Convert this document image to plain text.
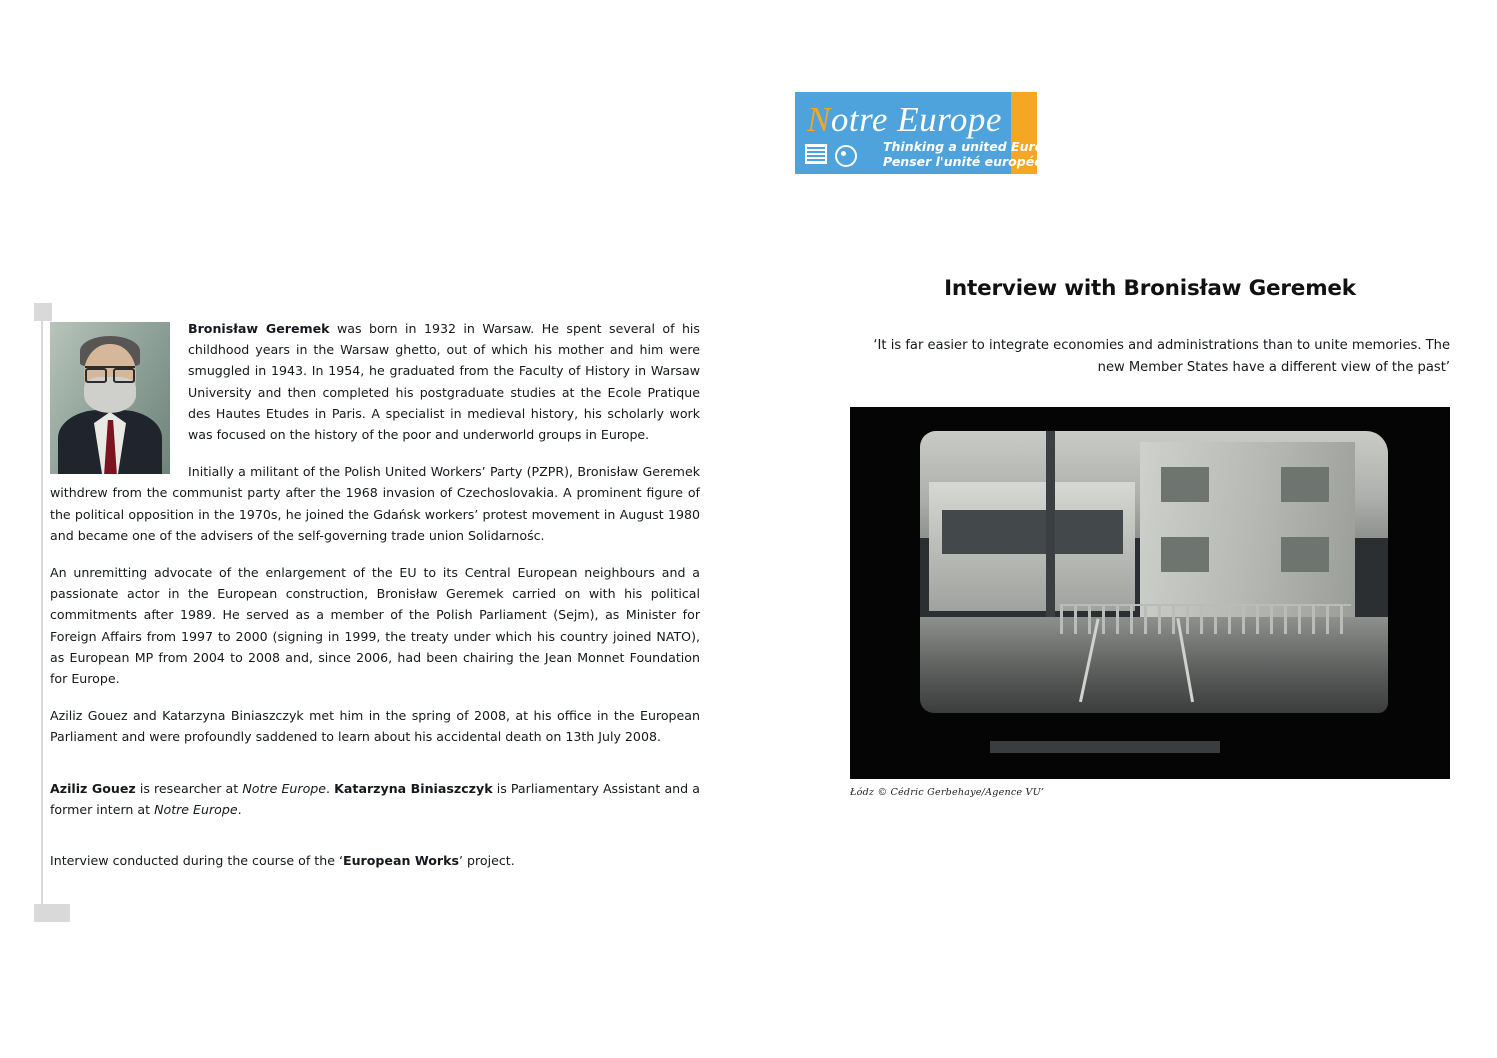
Notre Europe
Thinking a united Europe
Penser l'unité européenne

Bronisław Geremek was born in 1932 in Warsaw. He spent several of his childhood years in the Warsaw ghetto, out of which his mother and him were smuggled in 1943. In 1954, he graduated from the Faculty of History in Warsaw University and then completed his postgraduate studies at the Ecole Pratique des Hautes Etudes in Paris. A specialist in medieval history, his scholarly work was focused on the history of the poor and underworld groups in Europe.

Initially a militant of the Polish United Workers’ Party (PZPR), Bronisław Geremek withdrew from the communist party after the 1968 invasion of Czechoslovakia. A prominent figure of the political opposition in the 1970s, he joined the Gdańsk workers’ protest movement in August 1980 and became one of the advisers of the self-governing trade union Solidarnośc.

An unremitting advocate of the enlargement of the EU to its Central European neighbours and a passionate actor in the European construction, Bronisław Geremek carried on with his political commitments after 1989. He served as a member of the Polish Parliament (Sejm), as Minister for Foreign Affairs from 1997 to 2000 (signing in 1999, the treaty under which his country joined NATO), as European MP from 2004 to 2008 and, since 2006, had been chairing the Jean Monnet Foundation for Europe.

Aziliz Gouez and Katarzyna Biniaszczyk met him in the spring of 2008, at his office in the European Parliament and were profoundly saddened to learn about his accidental death on 13th July 2008.

Aziliz Gouez is researcher at Notre Europe. Katarzyna Biniaszczyk is Parliamentary Assistant and a former intern at Notre Europe.

Interview conducted during the course of the ‘European Works’ project.

Interview with Bronisław Geremek

‘It is far easier to integrate economies and administrations than to unite memories. The new Member States have a different view of the past’

Łódz © Cédric Gerbehaye/Agence VU’
